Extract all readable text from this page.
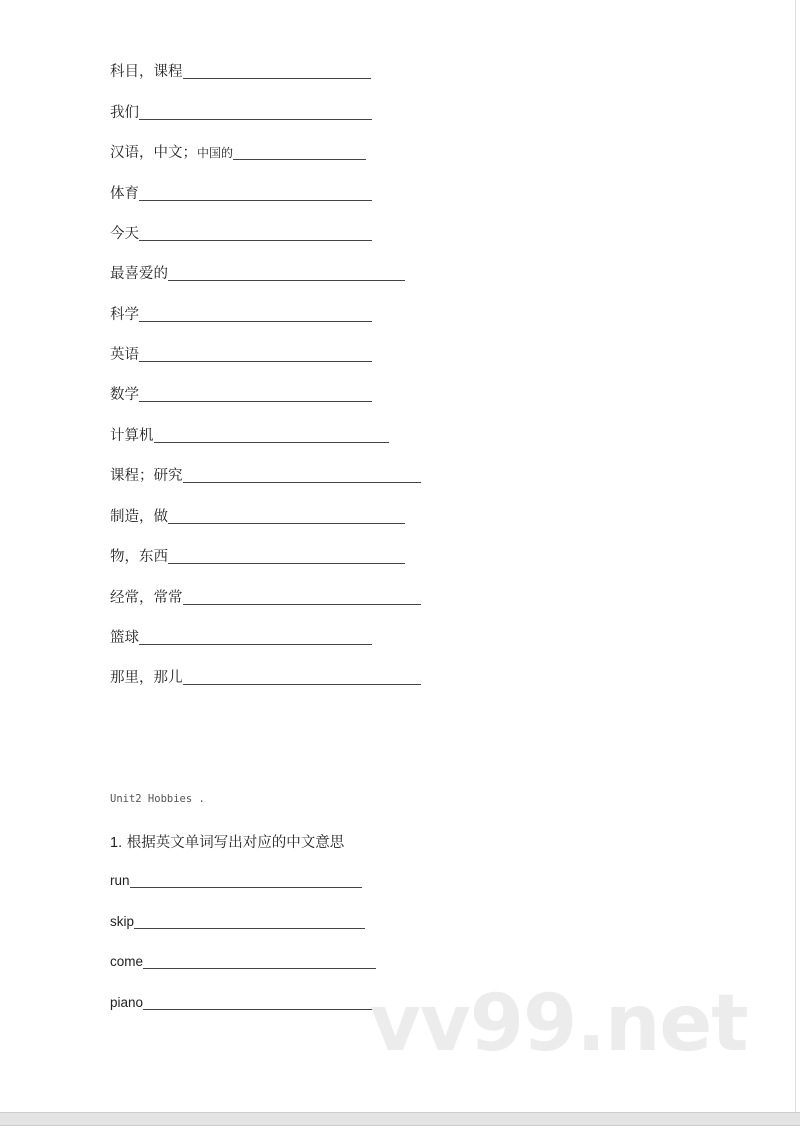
科目，课程
我们
汉语，中文； 中国的
体育
今天
最喜爱的
科学
英语
数学
计算机
课程；研究
制造，做
物，东西
经常，常常
篮球
那里，那儿
Unit2 Hobbies .
1. 根据英文单词写出对应的中文意思
run
skip
come
piano	vv99.net
